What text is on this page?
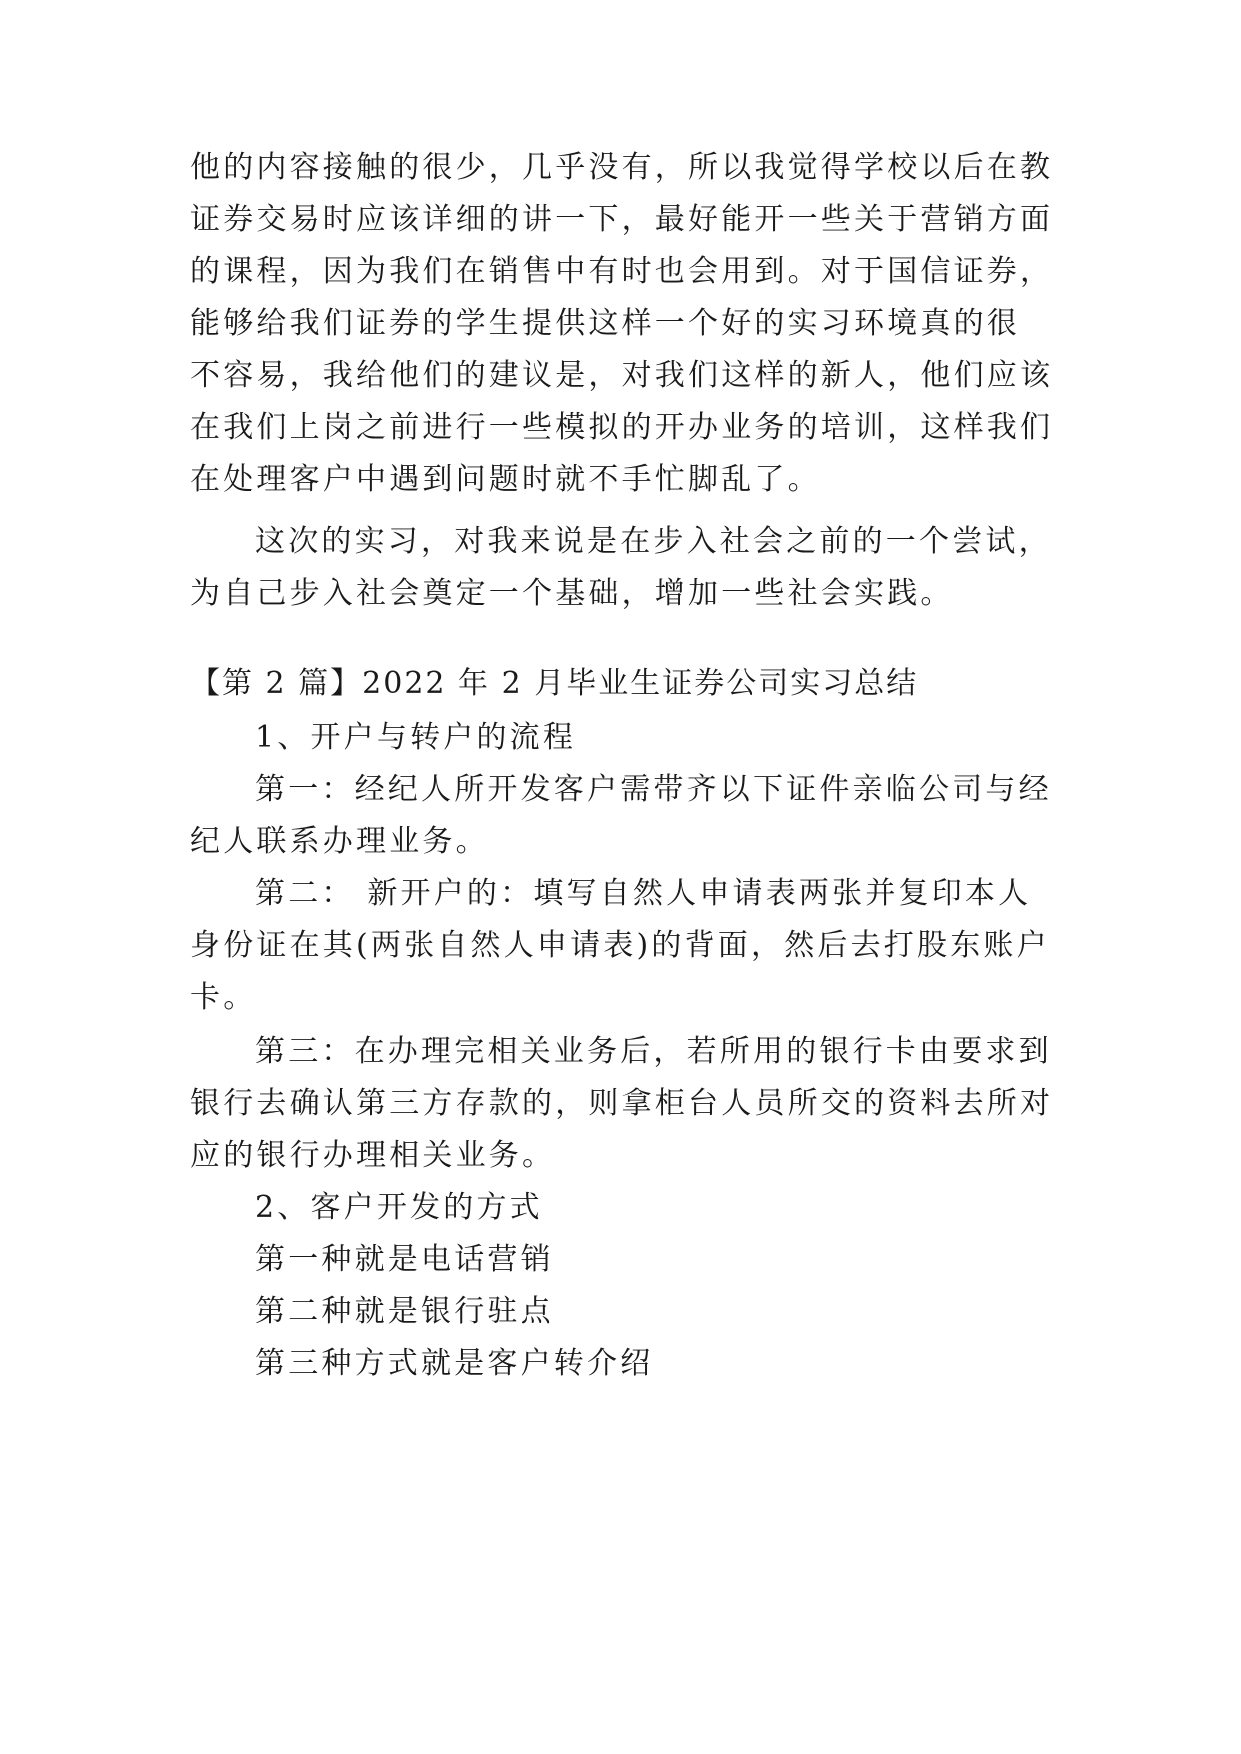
他的内容接触的很少，几乎没有，所以我觉得学校以后在教
证券交易时应该详细的讲一下，最好能开一些关于营销方面
的课程，因为我们在销售中有时也会用到。对于国信证券，
能够给我们证券的学生提供这样一个好的实习环境真的很
不容易，我给他们的建议是，对我们这样的新人，他们应该
在我们上岗之前进行一些模拟的开办业务的培训，这样我们
在处理客户中遇到问题时就不手忙脚乱了。
这次的实习，对我来说是在步入社会之前的一个尝试，
为自己步入社会奠定一个基础，增加一些社会实践。
【第 2 篇】2022 年 2 月毕业生证券公司实习总结
1、开户与转户的流程
第一：经纪人所开发客户需带齐以下证件亲临公司与经
纪人联系办理业务。
第二： 新开户的：填写自然人申请表两张并复印本人
身份证在其(两张自然人申请表)的背面，然后去打股东账户
卡。
第三：在办理完相关业务后，若所用的银行卡由要求到
银行去确认第三方存款的，则拿柜台人员所交的资料去所对
应的银行办理相关业务。
2、客户开发的方式
第一种就是电话营销
第二种就是银行驻点
第三种方式就是客户转介绍
